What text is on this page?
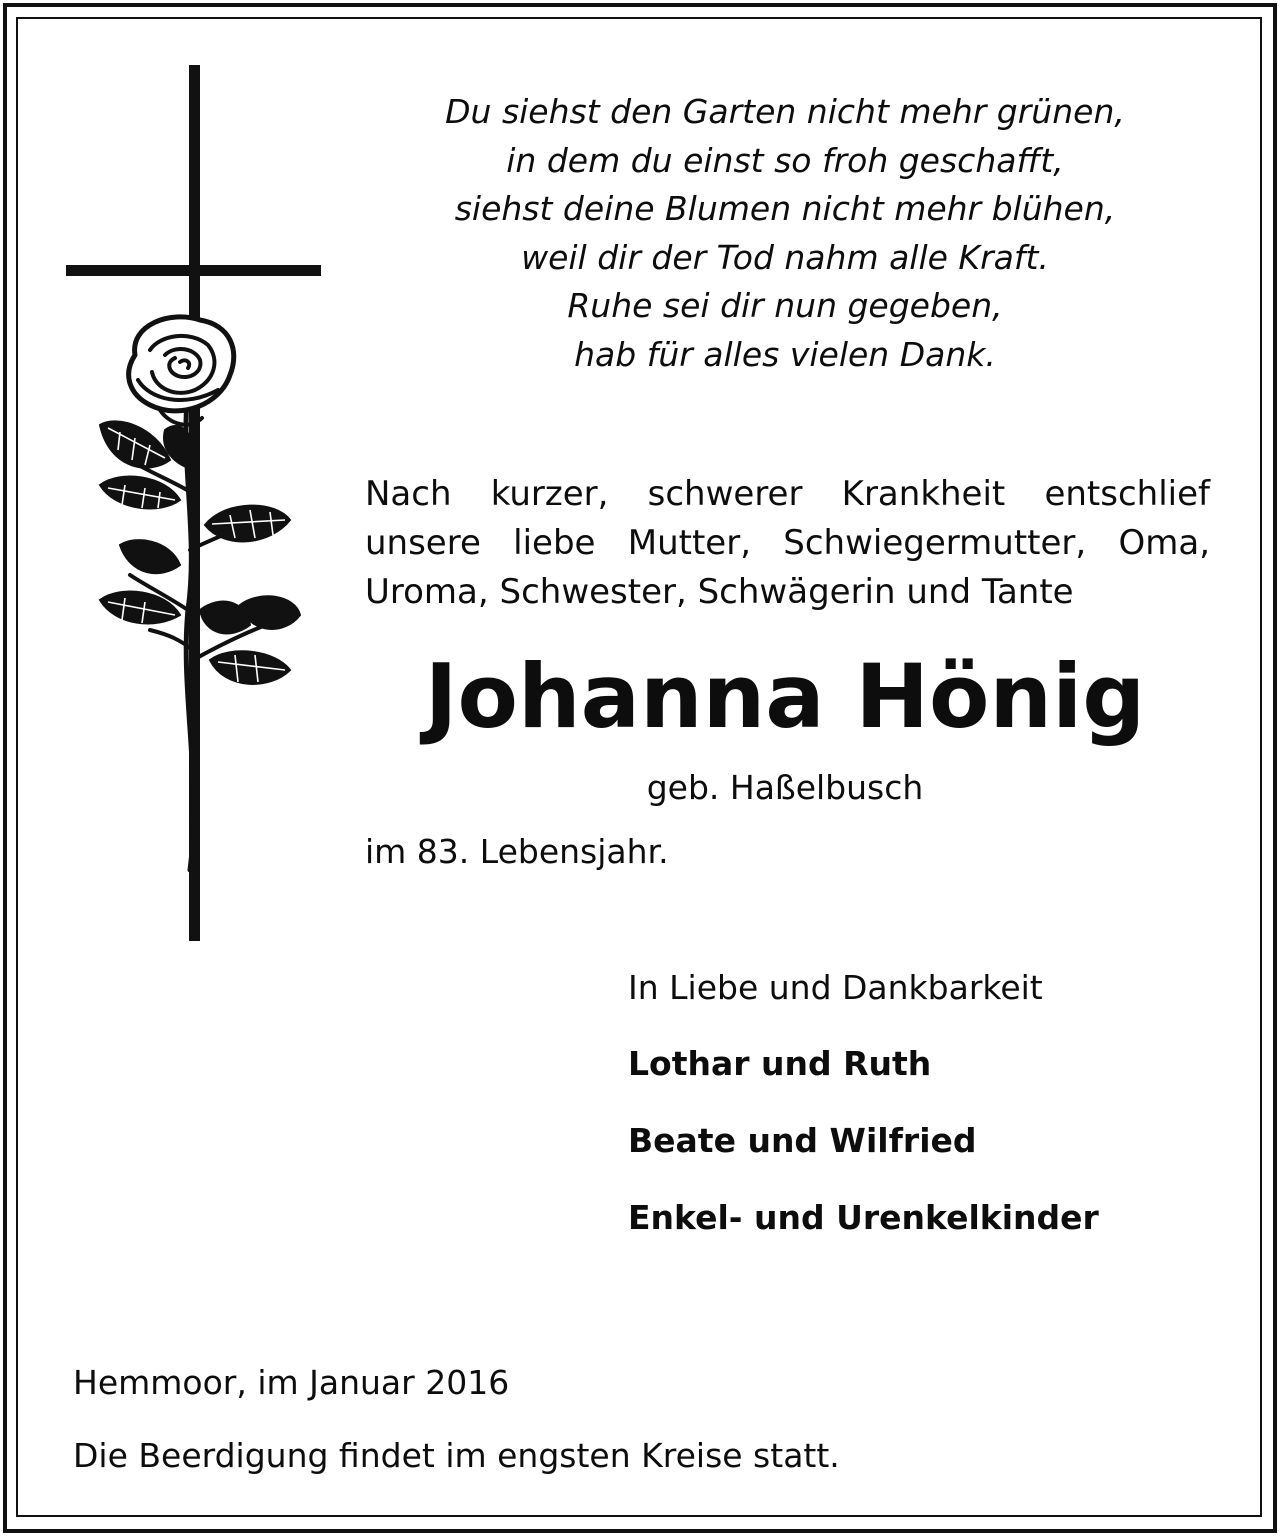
Du siehst den Garten nicht mehr grünen,
in dem du einst so froh geschafft,
siehst deine Blumen nicht mehr blühen,
weil dir der Tod nahm alle Kraft.
Ruhe sei dir nun gegeben,
hab für alles vielen Dank.
Nach kurzer, schwerer Krankheit entschlief
unsere liebe Mutter, Schwiegermutter, Oma,
Uroma, Schwester, Schwägerin und Tante
Johanna Hönig
geb. Haßelbusch
im 83. Lebensjahr.
In Liebe und Dankbarkeit
Lothar und Ruth
Beate und Wilfried
Enkel- und Urenkelkinder
Hemmoor, im Januar 2016
Die Beerdigung findet im engsten Kreise statt.
